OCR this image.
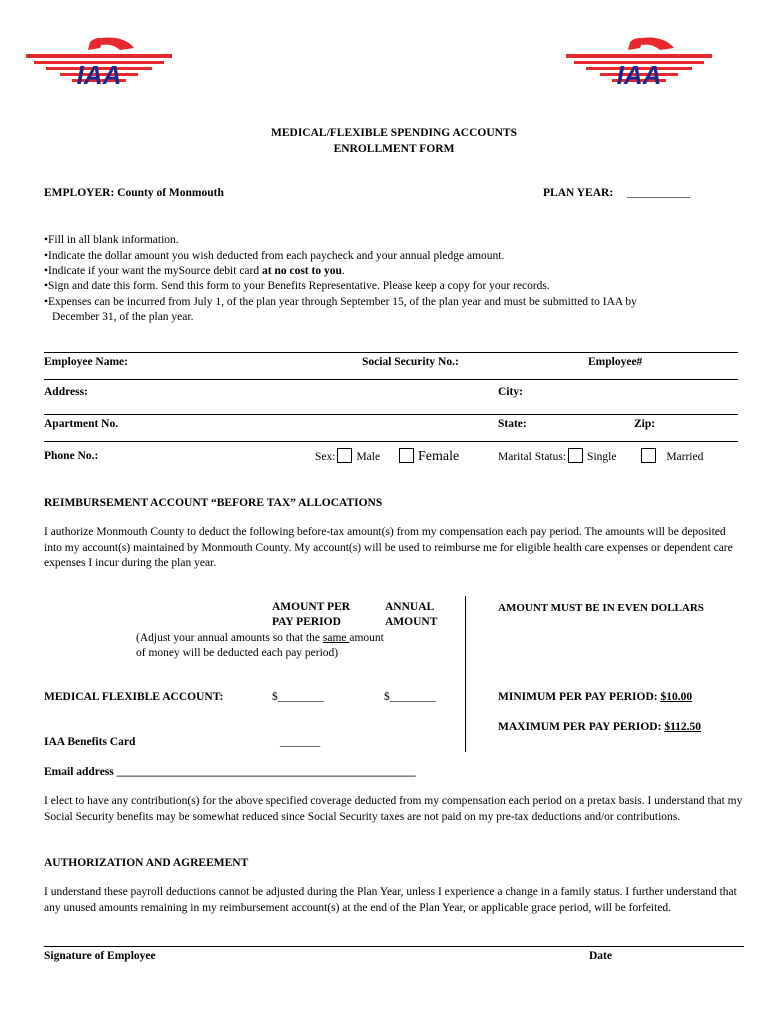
IAA	IAA
MEDICAL/FLEXIBLE SPENDING ACCOUNTS
ENROLLMENT FORM
EMPLOYER: County of Monmouth	PLAN YEAR: ___________
•Fill in all blank information.
•Indicate the dollar amount you wish deducted from each paycheck and your annual pledge amount.
•Indicate if your want the mySource debit card at no cost to you.
•Sign and date this form. Send this form to your Benefits Representative. Please keep a copy for your records.
•Expenses can be incurred from July 1, of the plan year through September 15, of the plan year and must be submitted to IAA by
December 31, of the plan year.
Employee Name:	Social Security No.:	Employee#
Address:	City:
Apartment No.	State:	Zip:
Phone No.:	Sex: Male	Female	Marital Status: Single	Married
REIMBURSEMENT ACCOUNT “BEFORE TAX” ALLOCATIONS
I authorize Monmouth County to deduct the following before-tax amount(s) from my compensation each pay period. The amounts will be deposited into my account(s) maintained by Monmouth County. My account(s) will be used to reimburse me for eligible health care expenses or dependent care expenses I incur during the plan year.
AMOUNT PER
PAY PERIOD
ANNUAL
AMOUNT
(Adjust your annual amounts so that the same amount
of money will be deducted each pay period)
AMOUNT MUST BE IN EVEN DOLLARS
MEDICAL FLEXIBLE ACCOUNT:	$________	$________	MINIMUM PER PAY PERIOD: $10.00
MAXIMUM PER PAY PERIOD: $112.50
IAA Benefits Card	_______
Email address ____________________________________________________
I elect to have any contribution(s) for the above specified coverage deducted from my compensation each period on a pretax basis. I understand that my Social Security benefits may be somewhat reduced since Social Security taxes are not paid on my pre-tax deductions and/or contributions.
AUTHORIZATION AND AGREEMENT
I understand these payroll deductions cannot be adjusted during the Plan Year, unless I experience a change in a family status. I further understand that any unused amounts remaining in my reimbursement account(s) at the end of the Plan Year, or applicable grace period, will be forfeited.
Signature of Employee	Date
